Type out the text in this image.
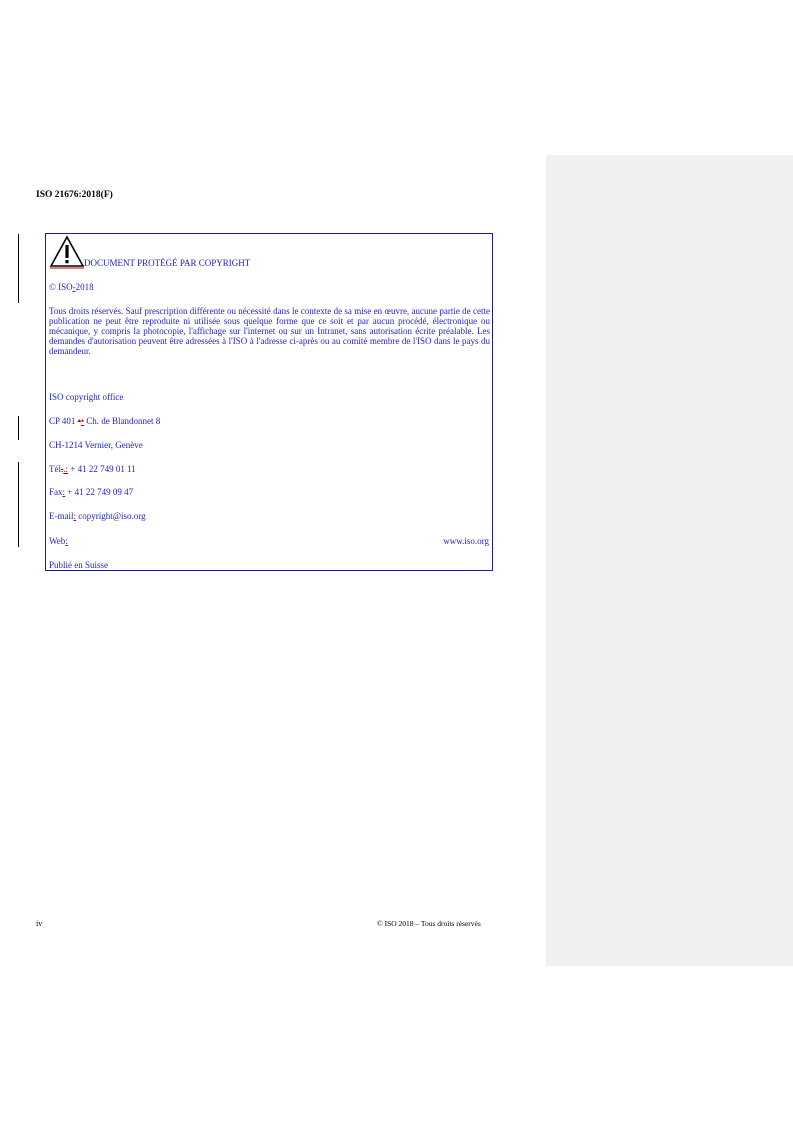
ISO 21676:2018(F)

DOCUMENT PROTÉGÉ PAR COPYRIGHT

© ISO-2018

Tous droits réservés. Sauf prescription différente ou nécessité dans le contexte de sa mise en œuvre, aucune partie de cette publication ne peut être reproduite ni utilisée sous quelque forme que ce soit et par aucun procédé, électronique ou mécanique, y compris la photocopie, l'affichage sur l'internet ou sur un Intranet, sans autorisation écrite préalable. Les demandes d'autorisation peuvent être adressées à l'ISO à l'adresse ci-après ou au comité membre de l'ISO dans le pays du demandeur.

ISO copyright office

CP 401 •• Ch. de Blandonnet 8

CH-1214 Vernier, Genève

Tél..: + 41 22 749 01 11

Fax: + 41 22 749 09 47

E-mail: copyright@iso.org

Web:	www.iso.org

Publié en Suisse

iv	© ISO 2018 – Tous droits réservés
